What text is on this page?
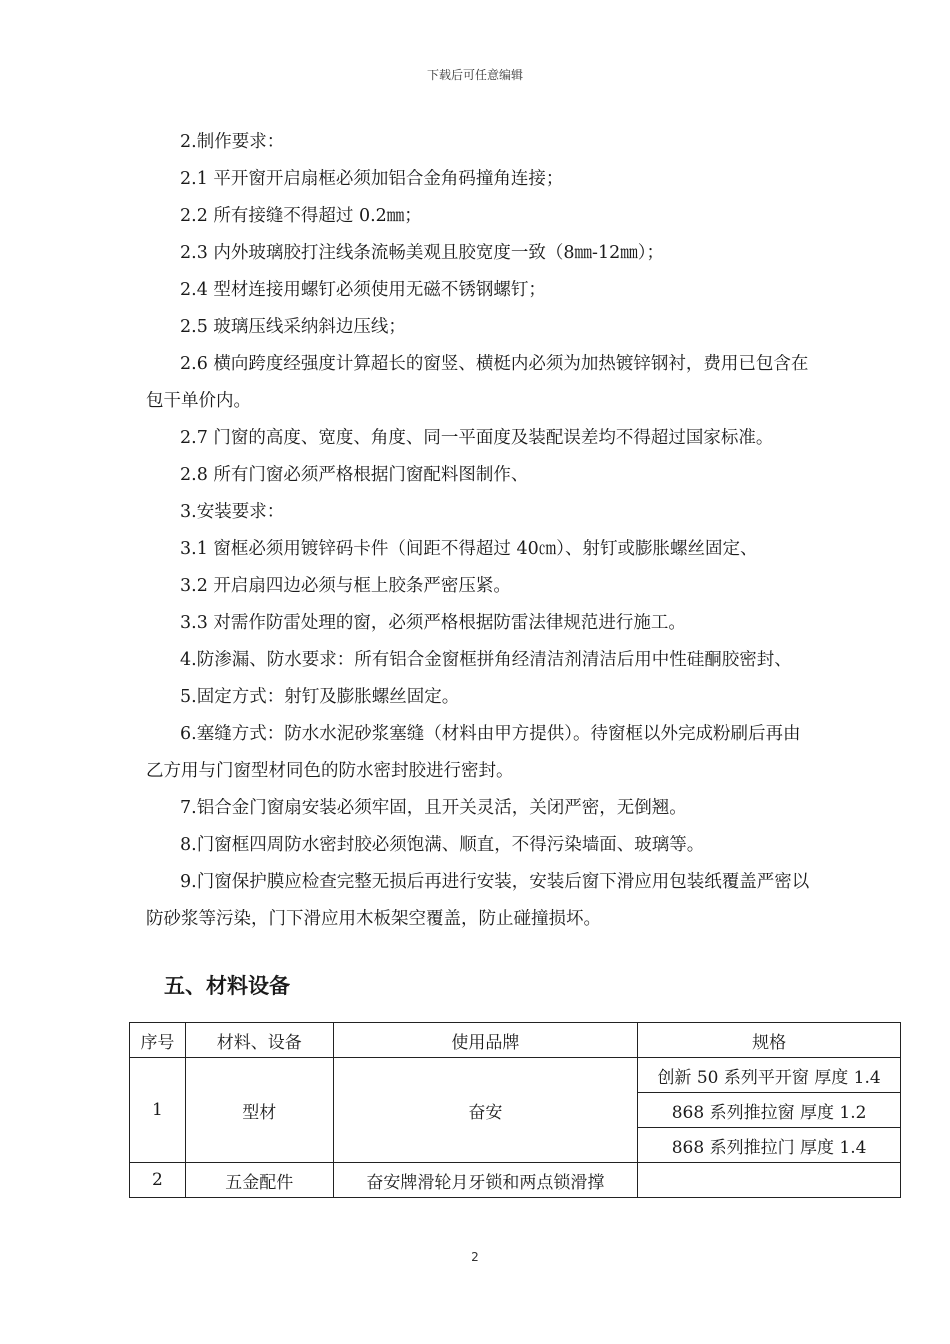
下载后可任意编辑

2.制作要求：

2.1 平开窗开启扇框必须加铝合金角码撞角连接；

2.2 所有接缝不得超过 0.2㎜；

2.3 内外玻璃胶打注线条流畅美观且胶宽度一致（8㎜-12㎜）；

2.4 型材连接用螺钉必须使用无磁不锈钢螺钉；

2.5 玻璃压线采纳斜边压线；

2.6 横向跨度经强度计算超长的窗竖、横梃内必须为加热镀锌钢衬，费用已包含在包干单价内。

2.7 门窗的高度、宽度、角度、同一平面度及装配误差均不得超过国家标准。

2.8 所有门窗必须严格根据门窗配料图制作、

3.安装要求：

3.1 窗框必须用镀锌码卡件（间距不得超过 40㎝）、射钉或膨胀螺丝固定、

3.2 开启扇四边必须与框上胶条严密压紧。

3.3 对需作防雷处理的窗，必须严格根据防雷法律规范进行施工。

4.防渗漏、防水要求：所有铝合金窗框拼角经清洁剂清洁后用中性硅酮胶密封、

5.固定方式：射钉及膨胀螺丝固定。

6.塞缝方式：防水水泥砂浆塞缝（材料由甲方提供）。待窗框以外完成粉刷后再由乙方用与门窗型材同色的防水密封胶进行密封。

7.铝合金门窗扇安装必须牢固，且开关灵活，关闭严密，无倒翘。

8.门窗框四周防水密封胶必须饱满、顺直，不得污染墙面、玻璃等。

9.门窗保护膜应检查完整无损后再进行安装，安装后窗下滑应用包装纸覆盖严密以防砂浆等污染，门下滑应用木板架空覆盖，防止碰撞损坏。

五、材料设备
序号	材料、设备	使用品牌	规格
1	型材	奋安	创新 50 系列平开窗 厚度 1.4
			868 系列推拉窗 厚度 1.2
			868 系列推拉门 厚度 1.4
2	五金配件	奋安牌滑轮月牙锁和两点锁滑撑	
2
